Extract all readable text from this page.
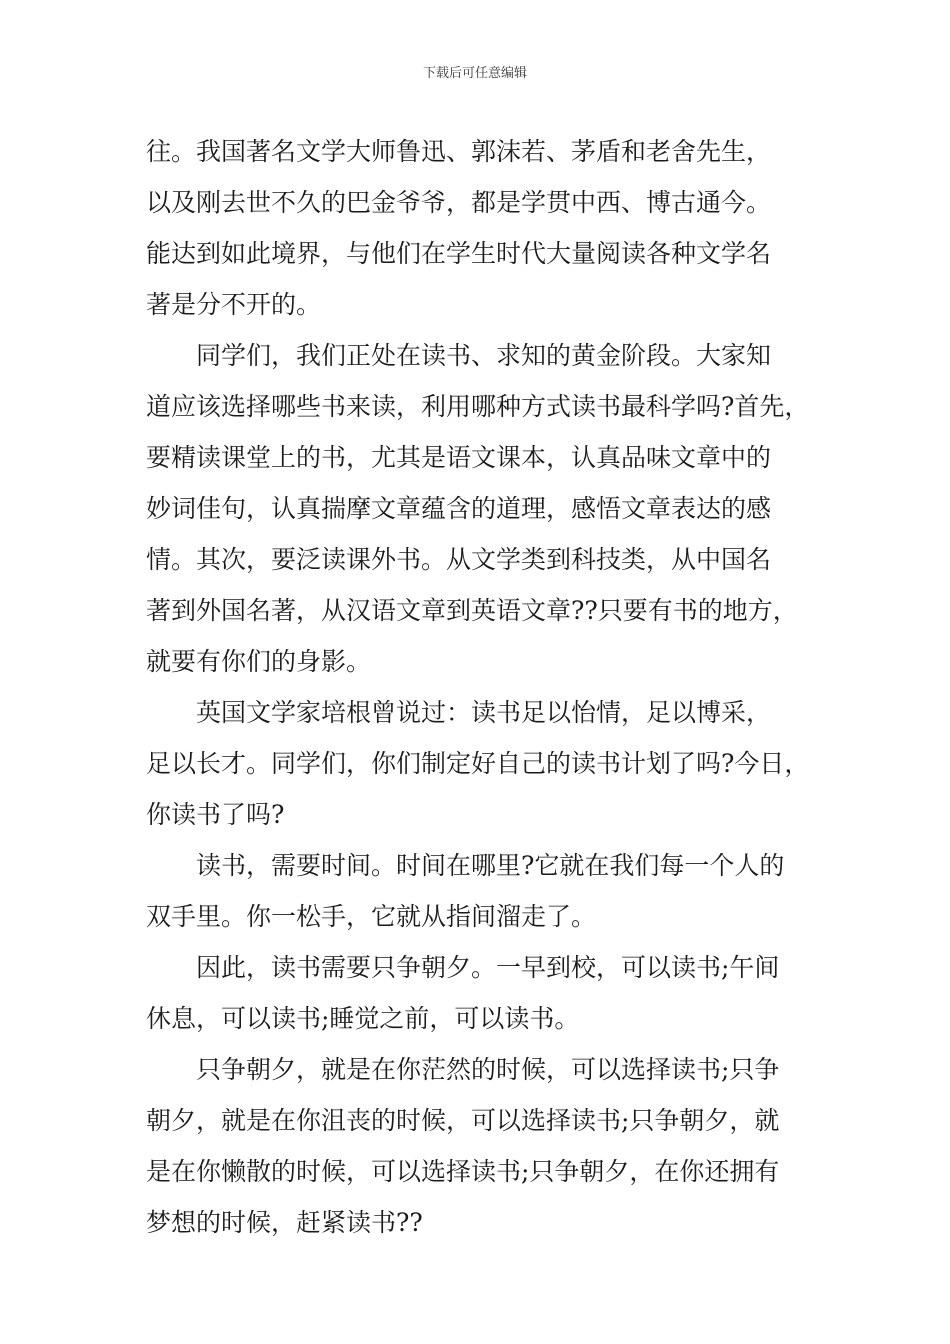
下载后可任意编辑
往。我国著名文学大师鲁迅、郭沫若、茅盾和老舍先生，
以及刚去世不久的巴金爷爷，都是学贯中西、博古通今。
能达到如此境界，与他们在学生时代大量阅读各种文学名
著是分不开的。
同学们，我们正处在读书、求知的黄金阶段。大家知
道应该选择哪些书来读，利用哪种方式读书最科学吗?首先，
要精读课堂上的书，尤其是语文课本，认真品味文章中的
妙词佳句，认真揣摩文章蕴含的道理，感悟文章表达的感
情。其次，要泛读课外书。从文学类到科技类，从中国名
著到外国名著，从汉语文章到英语文章??只要有书的地方，
就要有你们的身影。
英国文学家培根曾说过：读书足以怡情，足以博采，
足以长才。同学们，你们制定好自己的读书计划了吗?今日，
你读书了吗?
读书，需要时间。时间在哪里?它就在我们每一个人的
双手里。你一松手，它就从指间溜走了。
因此，读书需要只争朝夕。一早到校，可以读书;午间
休息，可以读书;睡觉之前，可以读书。
只争朝夕，就是在你茫然的时候，可以选择读书;只争
朝夕，就是在你沮丧的时候，可以选择读书;只争朝夕，就
是在你懒散的时候，可以选择读书;只争朝夕，在你还拥有
梦想的时候，赶紧读书??
